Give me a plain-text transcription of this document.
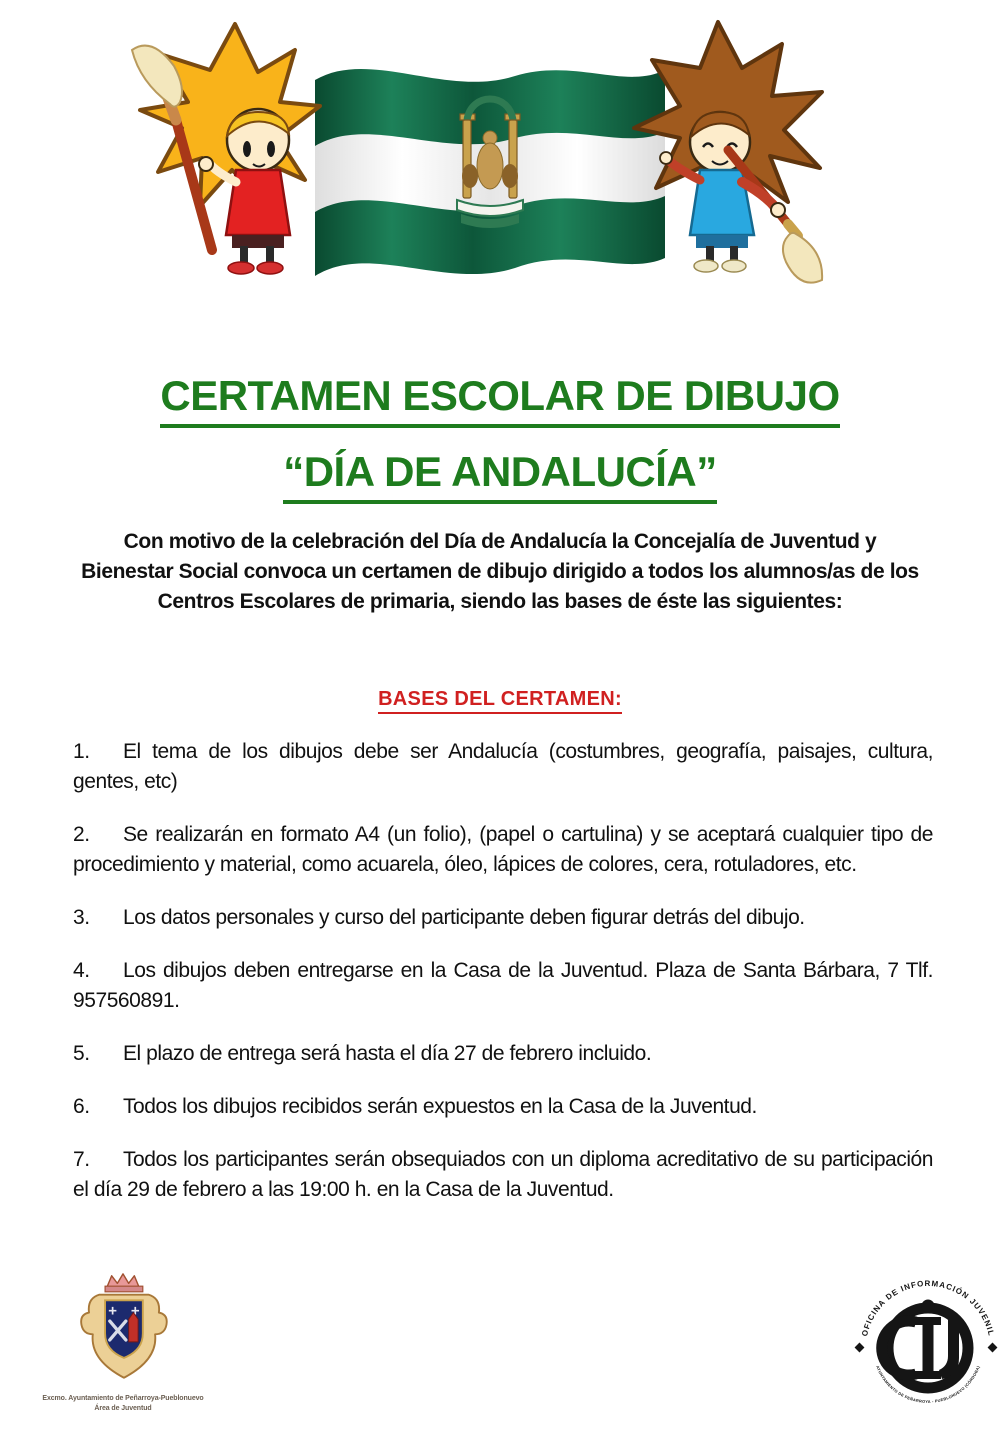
CERTAMEN ESCOLAR DE DIBUJO
“DÍA DE ANDALUCÍA”
Con motivo de la celebración del Día de Andalucía la Concejalía de Juventud y
Bienestar Social convoca un certamen de dibujo dirigido a todos los alumnos/as de los
Centros Escolares de primaria, siendo las bases de éste las siguientes:
BASES DEL CERTAMEN:

1. El tema de los dibujos debe ser Andalucía (costumbres, geografía, paisajes, cultura, gentes, etc)

2. Se realizarán en formato A4 (un folio), (papel o cartulina) y se aceptará cualquier tipo de procedimiento y material, como acuarela, óleo, lápices de colores, cera, rotuladores, etc.

3. Los datos personales y curso del participante deben figurar detrás del dibujo.

4. Los dibujos deben entregarse en la Casa de la Juventud. Plaza de Santa Bárbara, 7 Tlf. 957560891.

5. El plazo de entrega será hasta el día 27 de febrero incluido.

6. Todos los dibujos recibidos serán expuestos en la Casa de la Juventud.

7. Todos los participantes serán obsequiados con un diploma acreditativo de su participación el día 29 de febrero a las 19:00 h. en la Casa de la Juventud.

Excmo. Ayuntamiento de Peñarroya-Pueblonuevo
Área de Juventud
OFICINA DE INFORMACIÓN JUVENIL
AYUNTAMIENTO DE PEÑARROYA - PUEBLONUEVO (CÓRDOBA)
